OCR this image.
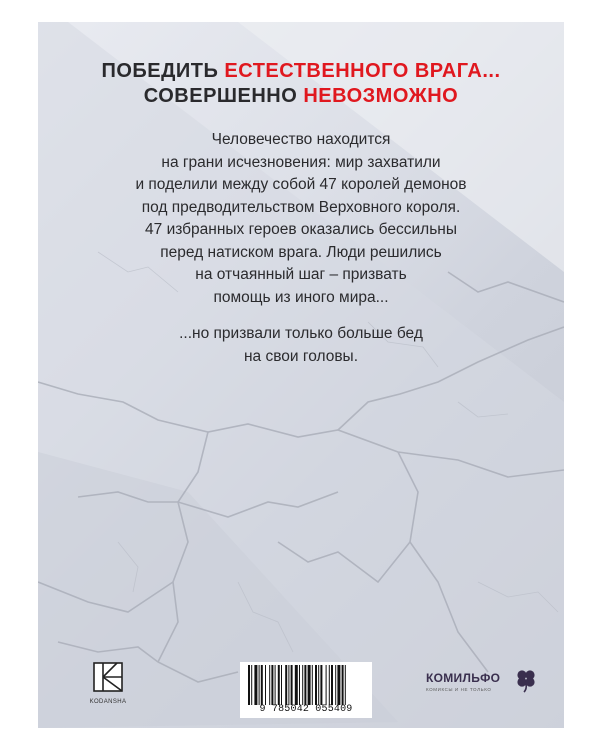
ПОБЕДИТЬ ЕСТЕСТВЕННОГО ВРАГА...
СОВЕРШЕННО НЕВОЗМОЖНО
Человечество находится
на грани исчезновения: мир захватили
и поделили между собой 47 королей демонов
под предводительством Верховного короля.
47 избранных героев оказались бессильны
перед натиском врага. Люди решились
на отчаянный шаг – призвать
помощь из иного мира...
...но призвали только больше бед
на свои головы.
KODANSHA
9 785042 055409
КОМИЛЬФО
КОМИКСЫ И НЕ ТОЛЬКО
